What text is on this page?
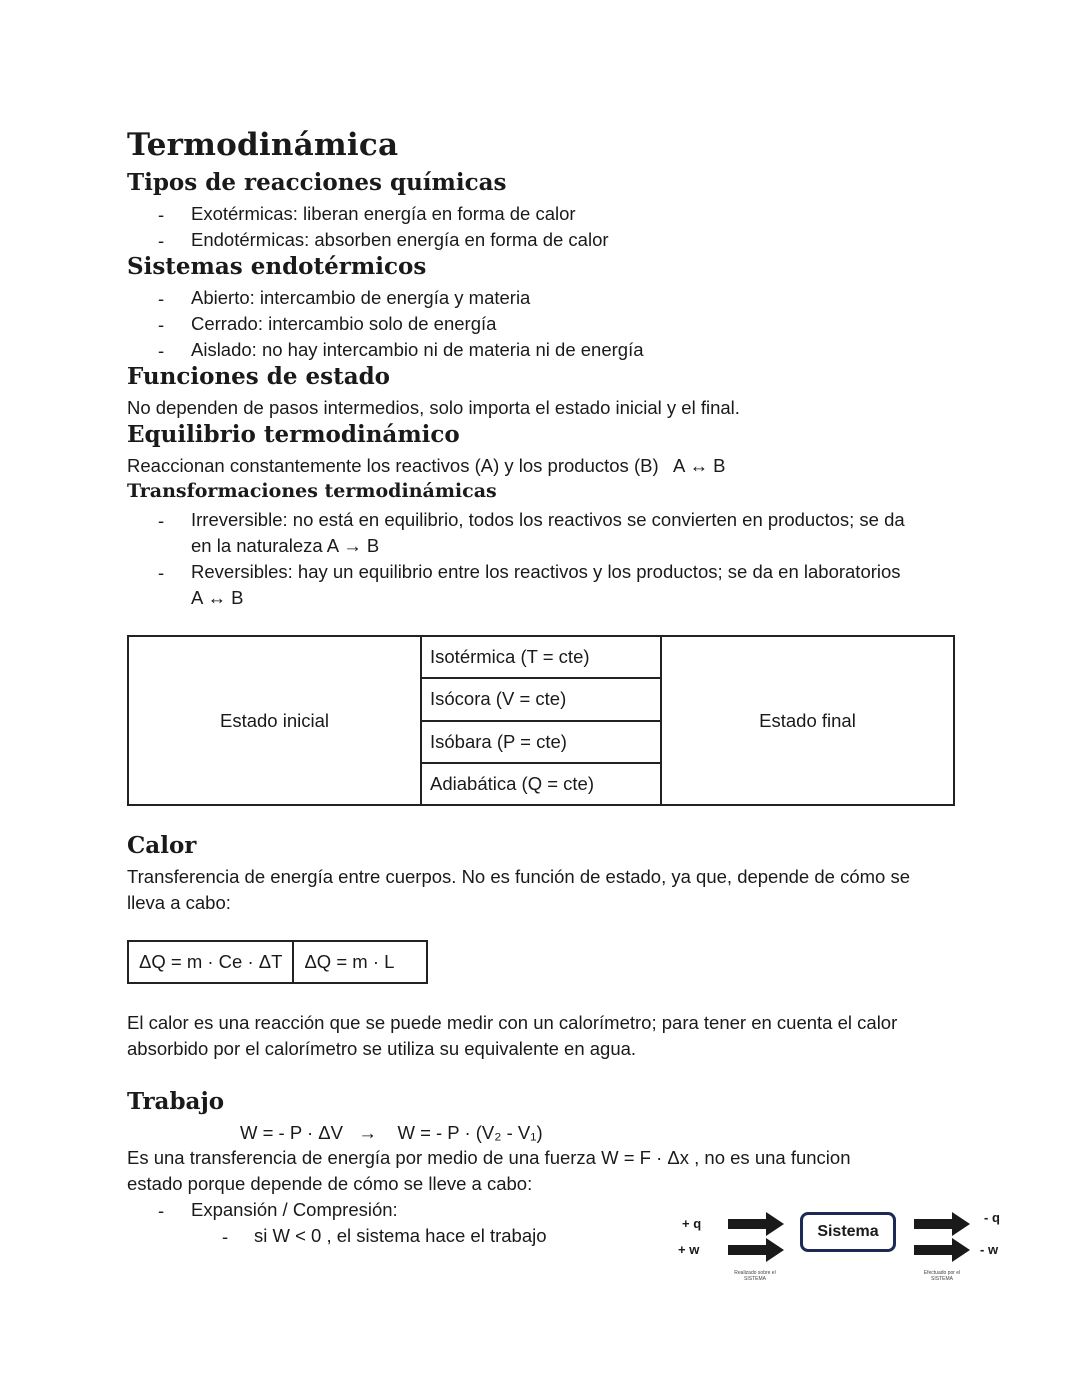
Termodinámica
Tipos de reacciones químicas
- Exotérmicas: liberan energía en forma de calor
- Endotérmicas: absorben energía en forma de calor
Sistemas endotérmicos
- Abierto: intercambio de energía y materia
- Cerrado: intercambio solo de energía
- Aislado: no hay intercambio ni de materia ni de energía
Funciones de estado
No dependen de pasos intermedios, solo importa el estado inicial y el final.
Equilibrio termodinámico
Reaccionan constantemente los reactivos (A) y los productos (B)   A ↔ B
Transformaciones termodinámicas
- Irreversible: no está en equilibrio, todos los reactivos se convierten en productos; se da
en la naturaleza A → B
- Reversibles: hay un equilibrio entre los reactivos y los productos; se da en laboratorios
A ↔ B
Estado inicial	Isotérmica (T = cte)	Estado final
Isócora (V = cte)
Isóbara (P = cte)
Adiabática (Q = cte)
Calor
Transferencia de energía entre cuerpos. No es función de estado, ya que, depende de cómo se
lleva a cabo:
ΔQ = m · Ce · ΔT	ΔQ = m · L
El calor es una reacción que se puede medir con un calorímetro; para tener en cuenta el calor
absorbido por el calorímetro se utiliza su equivalente en agua.
Trabajo
W = - P · ΔV   →    W = - P · (V₂ - V₁)
Es una transferencia de energía por medio de una fuerza W = F · Δx , no es una funcion
estado porque depende de cómo se lleve a cabo:
- Expansión / Compresión:
- si W < 0 , el sistema hace el trabajo
+ q
+ w
Sistema
- q
- w
Realizado sobre el
SISTEMA
Efectuado por el
SISTEMA
